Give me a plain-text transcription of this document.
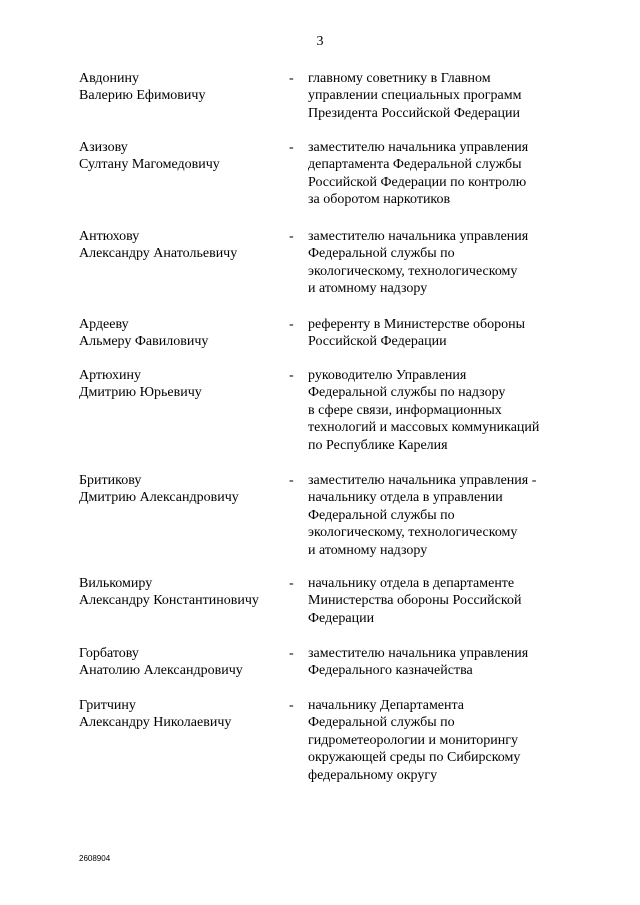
3
Авдонину
Валерию Ефимовичу
- главному советнику в Главном
управлении специальных программ
Президента Российской Федерации
Азизову
Султану Магомедовичу
- заместителю начальника управления
департамента Федеральной службы
Российской Федерации по контролю
за оборотом наркотиков
Антюхову
Александру Анатольевичу
- заместителю начальника управления
Федеральной службы по
экологическому, технологическому
и атомному надзору
Ардееву
Альмеру Фавиловичу
- референту в Министерстве обороны
Российской Федерации
Артюхину
Дмитрию Юрьевичу
- руководителю Управления
Федеральной службы по надзору
в сфере связи, информационных
технологий и массовых коммуникаций
по Республике Карелия
Бритикову
Дмитрию Александровичу
- заместителю начальника управления -
начальнику отдела в управлении
Федеральной службы по
экологическому, технологическому
и атомному надзору
Вилькомиру
Александру Константиновичу
- начальнику отдела в департаменте
Министерства обороны Российской
Федерации
Горбатову
Анатолию Александровичу
- заместителю начальника управления
Федерального казначейства
Гритчину
Александру Николаевичу
- начальнику Департамента
Федеральной службы по
гидрометеорологии и мониторингу
окружающей среды по Сибирскому
федеральному округу
2608904
